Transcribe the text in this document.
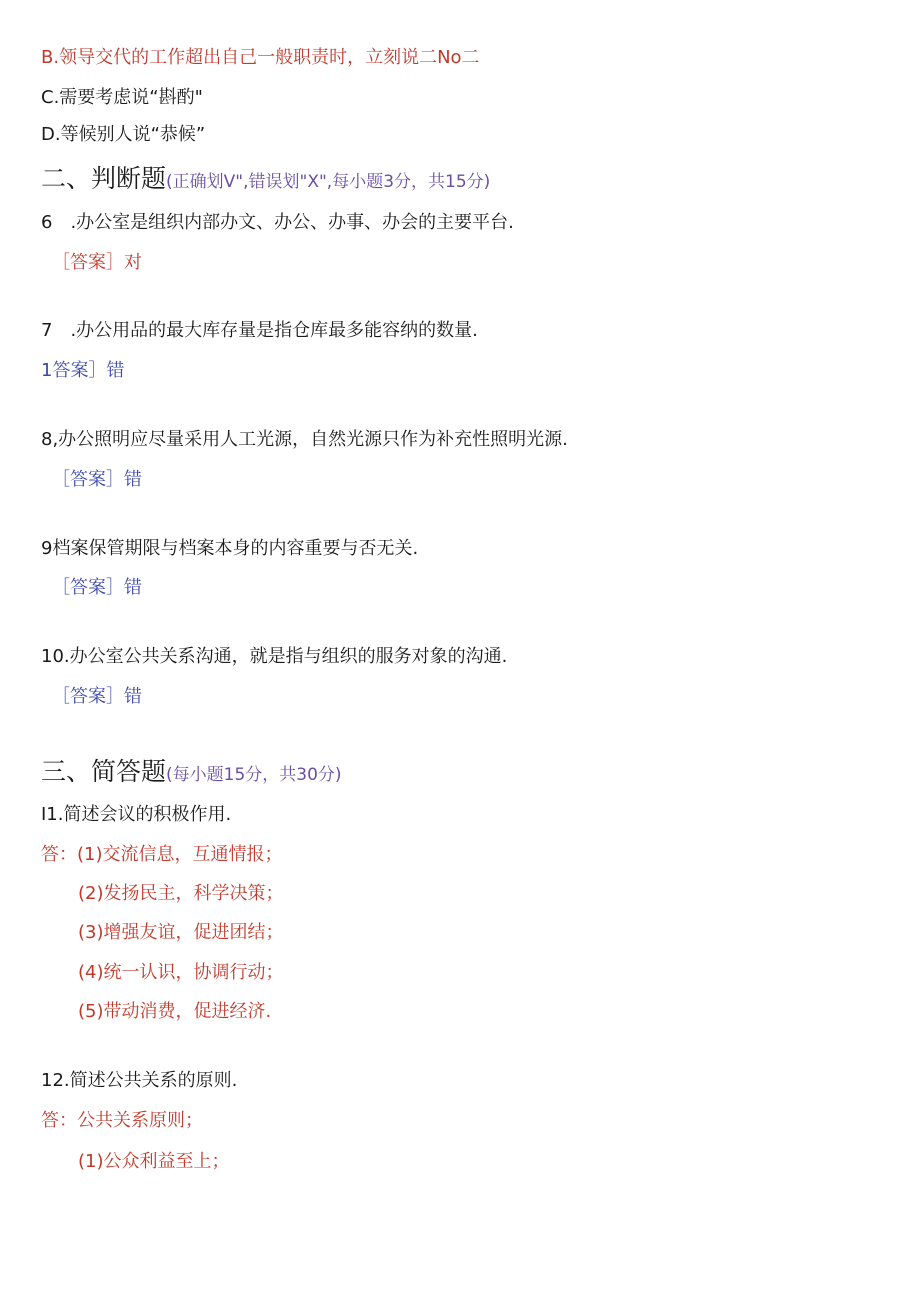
B.领导交代的工作超出自己一般职责时，立刻说二No二
C.需要考虑说“斟酌"
D.等候别人说“恭候”
二、判断题(正确划V",错误划"X",每小题3分，共15分)
6　.办公室是组织内部办文、办公、办事、办会的主要平台.
［答案］对
7　.办公用品的最大库存量是指仓库最多能容纳的数量.
1答案］错
8,办公照明应尽量采用人工光源，自然光源只作为补充性照明光源.
［答案］错
9档案保管期限与档案本身的内容重要与否无关.
［答案］错
10.办公室公共关系沟通，就是指与组织的服务对象的沟通.
［答案］错
三、简答题(每小题15分，共30分)
I1.简述会议的积极作用.
答：(1)交流信息，互通情报；
(2)发扬民主，科学决策；
(3)增强友谊，促进团结；
(4)统一认识，协调行动；
(5)带动消费，促进经济.
12.简述公共关系的原则.
答：公共关系原则；
(1)公众利益至上；
